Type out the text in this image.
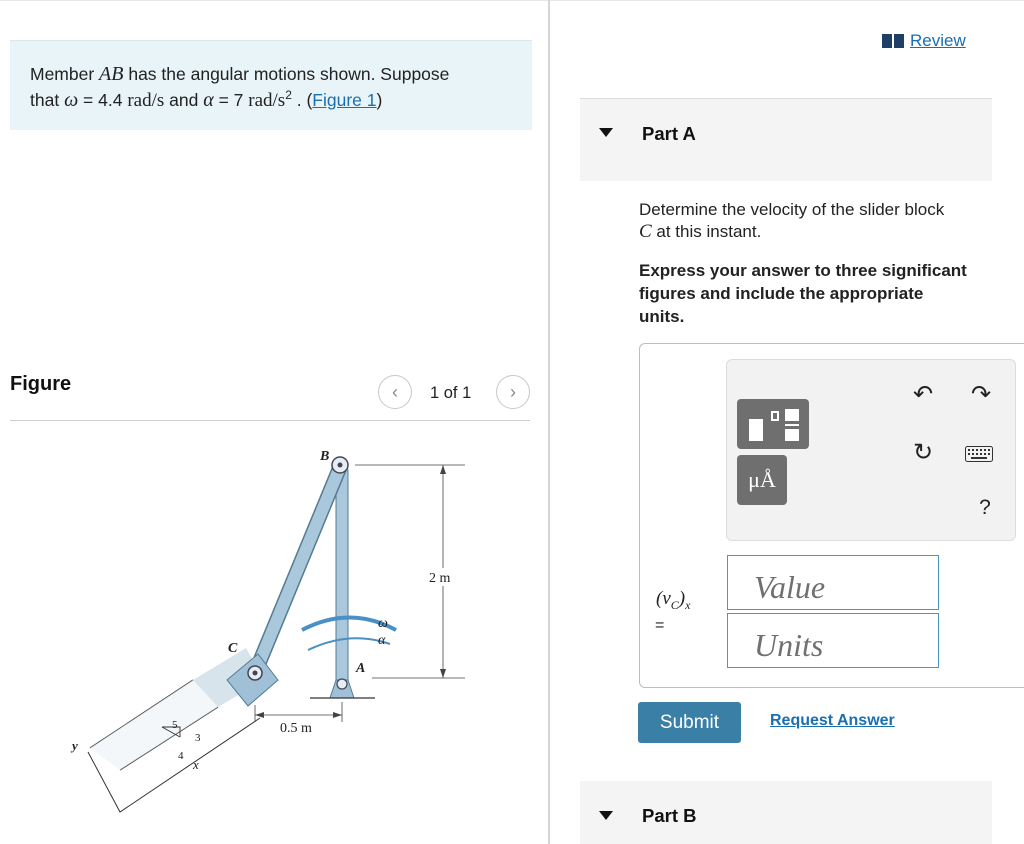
Member AB has the angular motions shown. Suppose
that ω = 4.4 rad/s and α = 7 rad/$s^2$ . (Figure 1)
Figure	‹ 1 of 1 ›
5
3
4
x
y
ω
α
B
C
A
2 m
0.5 m
Review
Part A
Determine the velocity of the slider block
C at this instant.
Express your answer to three significant figures and include the appropriate units.
μÅ
↶ ↷
↻
?
$(v_C)_x$
=
Value
Units
Submit	Request Answer
Part B
